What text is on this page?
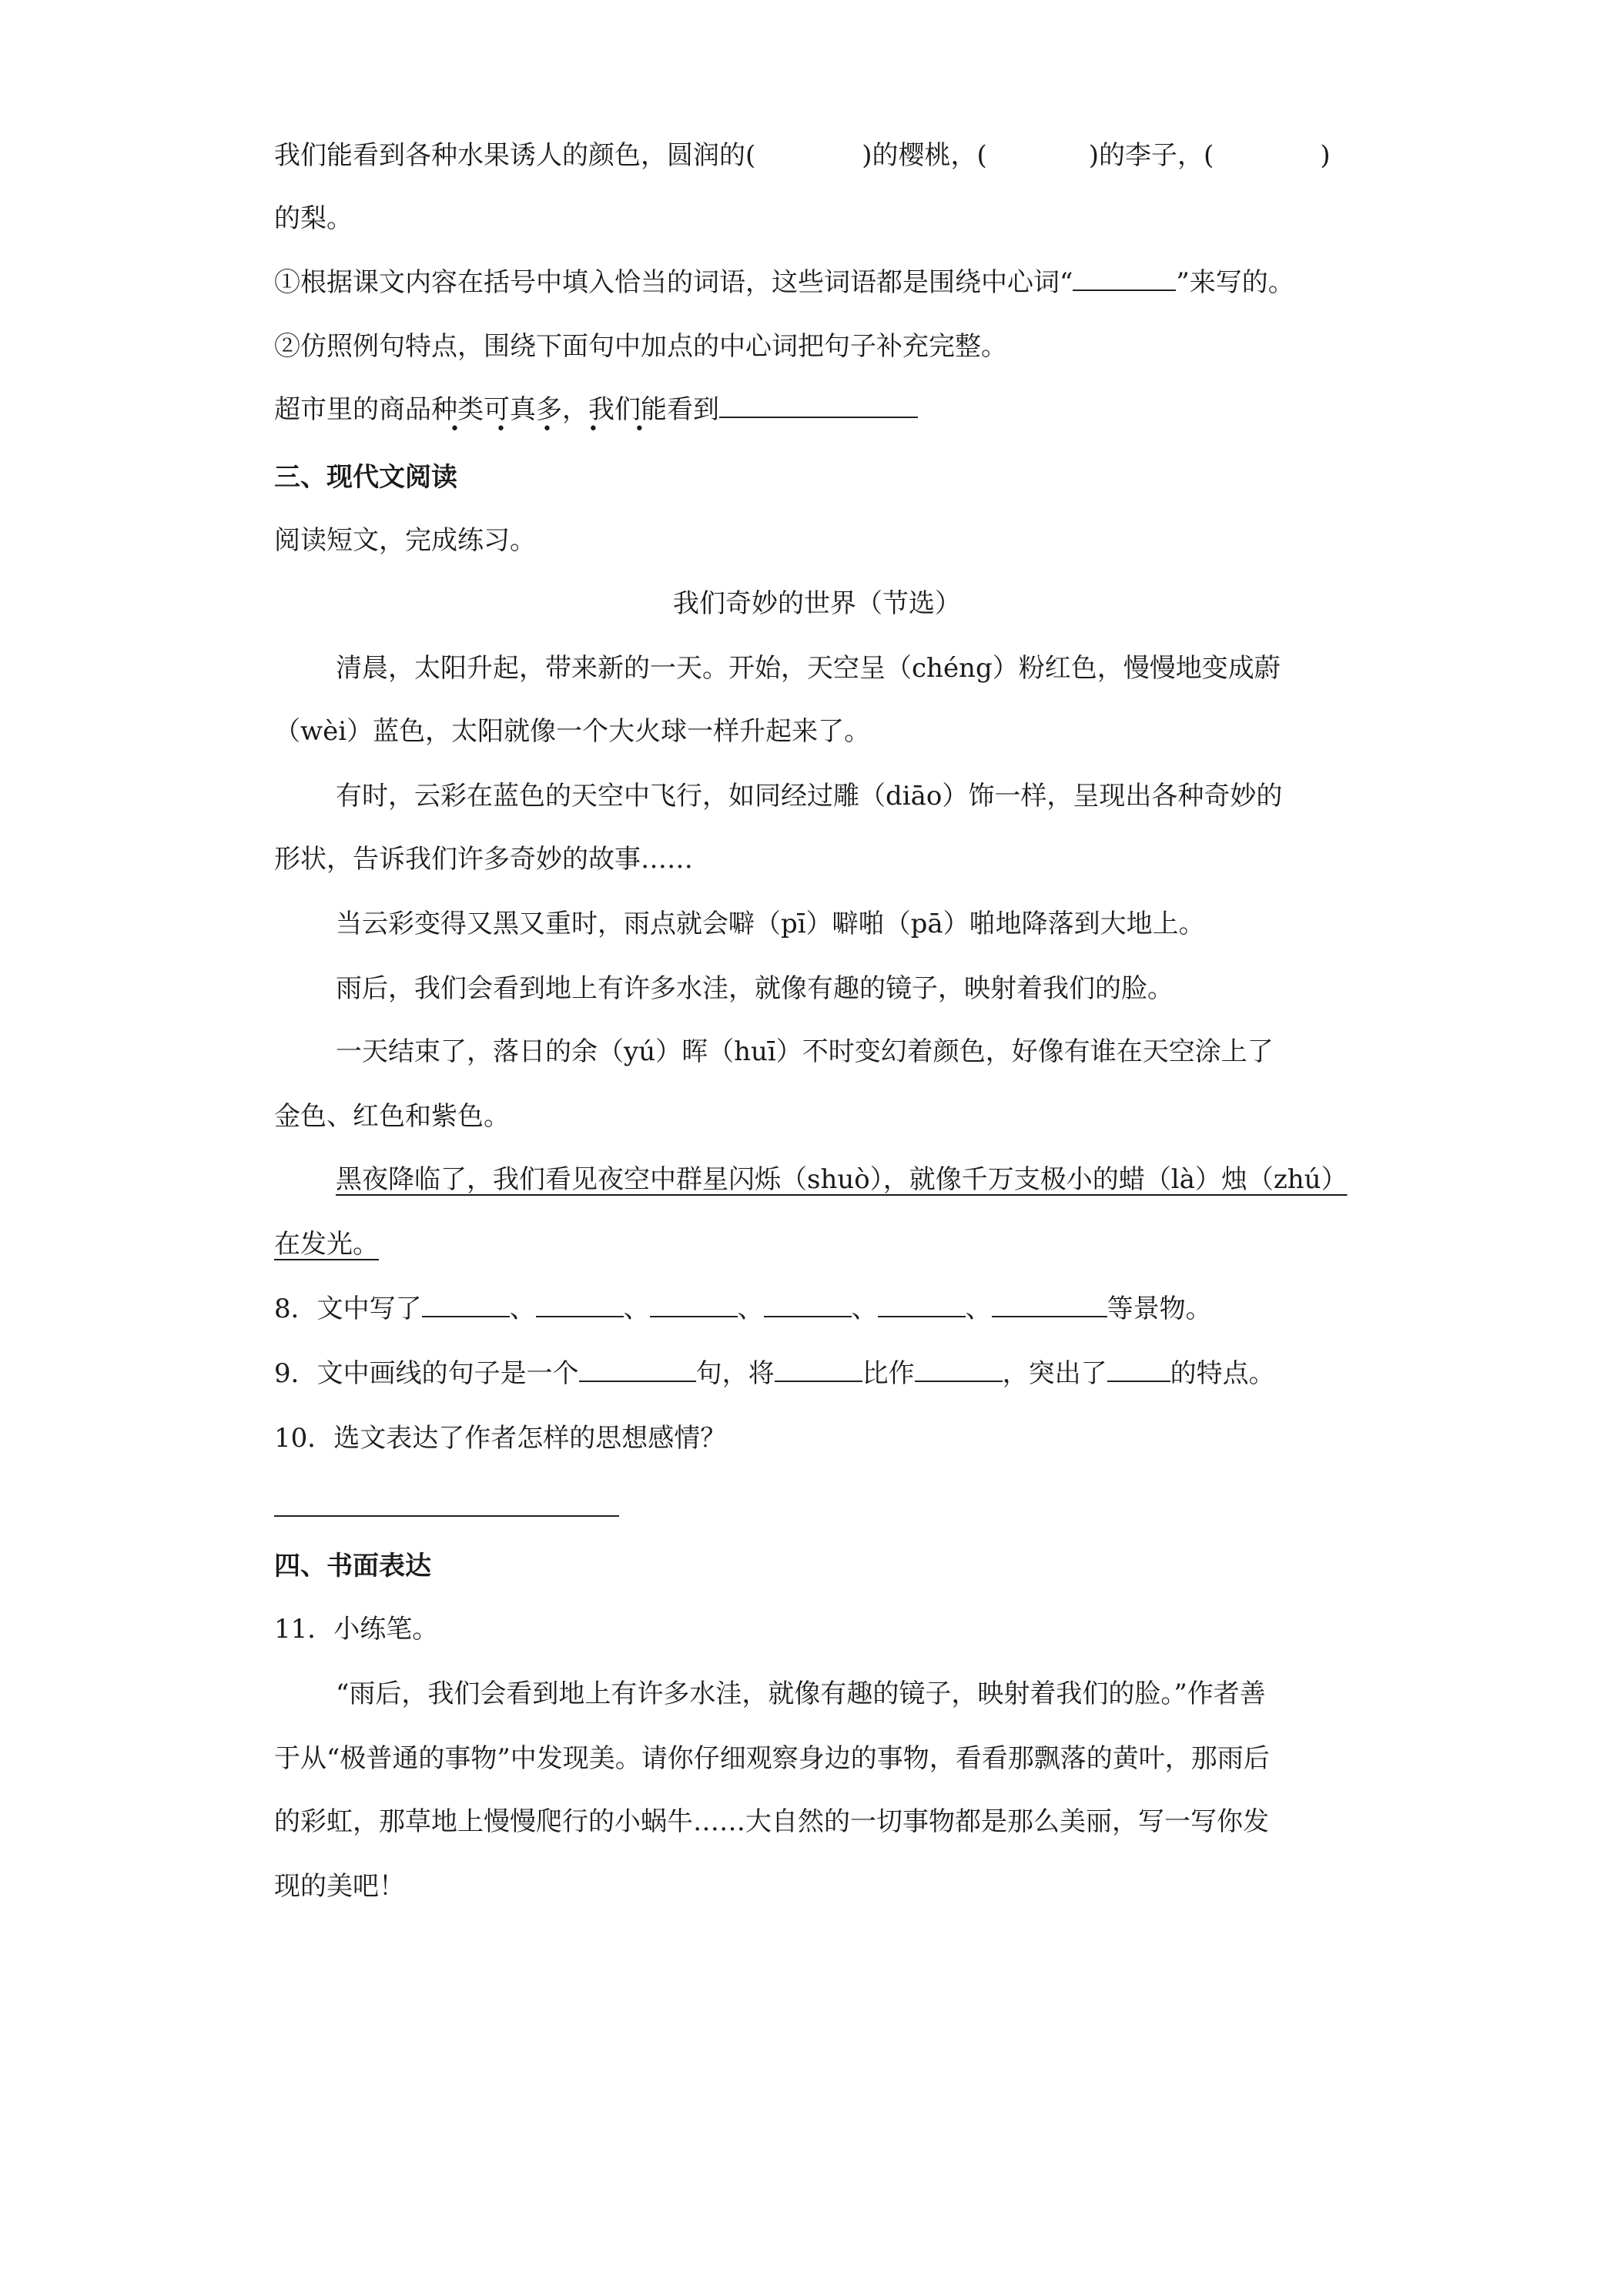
我们能看到各种水果诱人的颜色，圆润的(	)的樱桃，(	)的李子，(	)
的梨。
①根据课文内容在括号中填入恰当的词语，这些词语都是围绕中心词“	”来写的。
②仿照例句特点，围绕下面句中加点的中心词把句子补充完整。
超市里的商品种类可真多，我们能看到
• • • • •
三、现代文阅读
阅读短文，完成练习。
我们奇妙的世界（节选）
清晨，太阳升起，带来新的一天。开始，天空呈（chéng）粉红色，慢慢地变成蔚
（wèi）蓝色，太阳就像一个大火球一样升起来了。
有时，云彩在蓝色的天空中飞行，如同经过雕（diāo）饰一样，呈现出各种奇妙的
形状，告诉我们许多奇妙的故事……
当云彩变得又黑又重时，雨点就会噼（pī）噼啪（pā）啪地降落到大地上。
雨后，我们会看到地上有许多水洼，就像有趣的镜子，映射着我们的脸。
一天结束了，落日的余（yú）晖（huī）不时变幻着颜色，好像有谁在天空涂上了
金色、红色和紫色。
黑夜降临了，我们看见夜空中群星闪烁（shuò），就像千万支极小的蜡（là）烛（zhú）
在发光。
8．文中写了	、	、	、	、	、	等景物。
9．文中画线的句子是一个	句，将	比作	，突出了 的特点。
10．选文表达了作者怎样的思想感情？
四、书面表达
11．小练笔。
“雨后，我们会看到地上有许多水洼，就像有趣的镜子，映射着我们的脸。”作者善
于从“极普通的事物”中发现美。请你仔细观察身边的事物，看看那飘落的黄叶，那雨后
的彩虹，那草地上慢慢爬行的小蜗牛……大自然的一切事物都是那么美丽，写一写你发
现的美吧！
